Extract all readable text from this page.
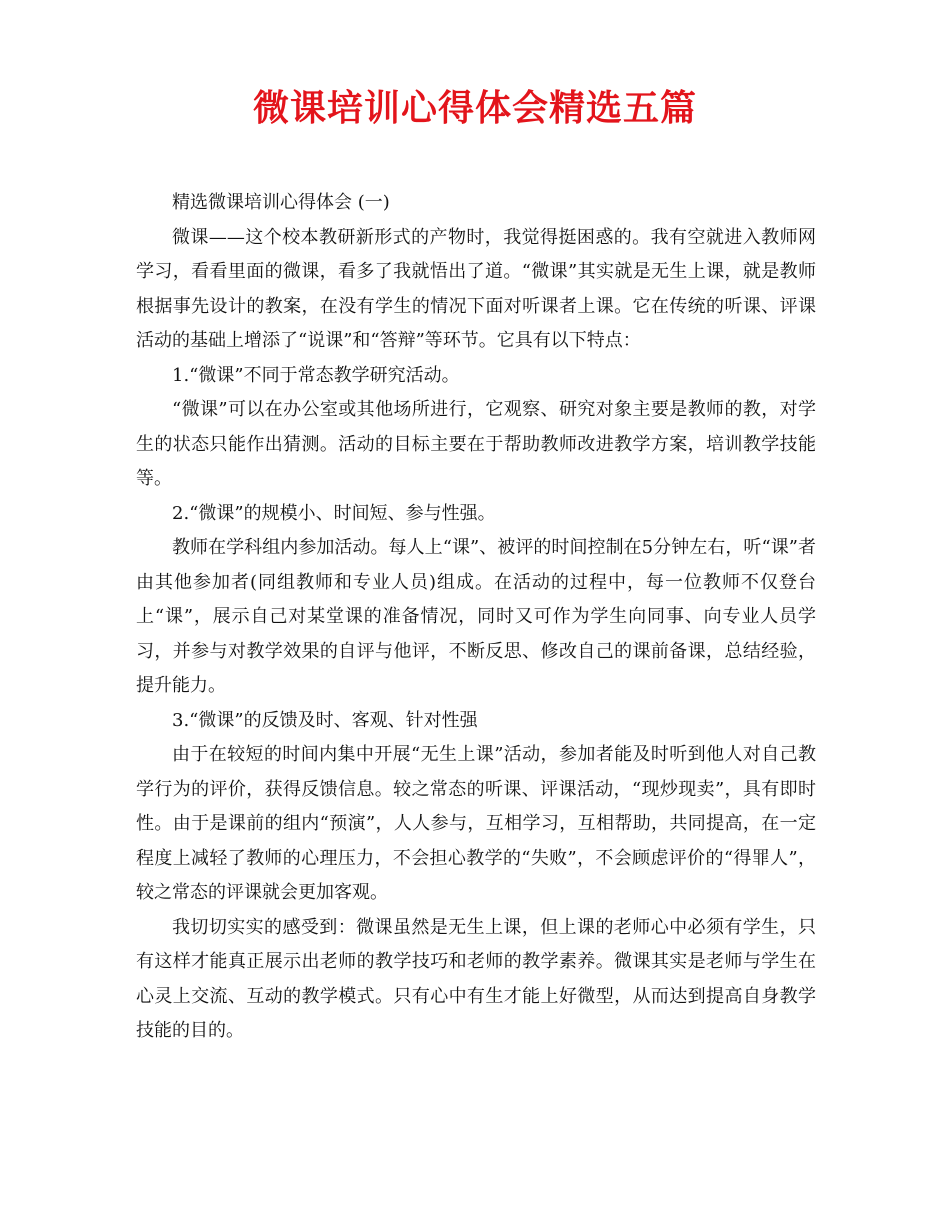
微课培训心得体会精选五篇

精选微课培训心得体会 (一)

微课——这个校本教研新形式的产物时，我觉得挺困惑的。我有空就进入教师网学习，看看里面的微课，看多了我就悟出了道。“微课”其实就是无生上课，就是教师根据事先设计的教案，在没有学生的情况下面对听课者上课。它在传统的听课、评课活动的基础上增添了“说课”和“答辩”等环节。它具有以下特点：

1.“微课”不同于常态教学研究活动。

“微课”可以在办公室或其他场所进行，它观察、研究对象主要是教师的教，对学生的状态只能作出猜测。活动的目标主要在于帮助教师改进教学方案，培训教学技能等。

2.“微课”的规模小、时间短、参与性强。

教师在学科组内参加活动。每人上“课”、被评的时间控制在5分钟左右，听“课”者由其他参加者(同组教师和专业人员)组成。在活动的过程中，每一位教师不仅登台上“课”，展示自己对某堂课的准备情况，同时又可作为学生向同事、向专业人员学习，并参与对教学效果的自评与他评，不断反思、修改自己的课前备课，总结经验，提升能力。

3.“微课”的反馈及时、客观、针对性强

由于在较短的时间内集中开展“无生上课”活动，参加者能及时听到他人对自己教学行为的评价，获得反馈信息。较之常态的听课、评课活动，“现炒现卖”，具有即时性。由于是课前的组内“预演”，人人参与，互相学习，互相帮助，共同提高，在一定程度上减轻了教师的心理压力，不会担心教学的“失败”，不会顾虑评价的“得罪人”，较之常态的评课就会更加客观。

我切切实实的感受到：微课虽然是无生上课，但上课的老师心中必须有学生，只有这样才能真正展示出老师的教学技巧和老师的教学素养。微课其实是老师与学生在心灵上交流、互动的教学模式。只有心中有生才能上好微型，从而达到提高自身教学技能的目的。
